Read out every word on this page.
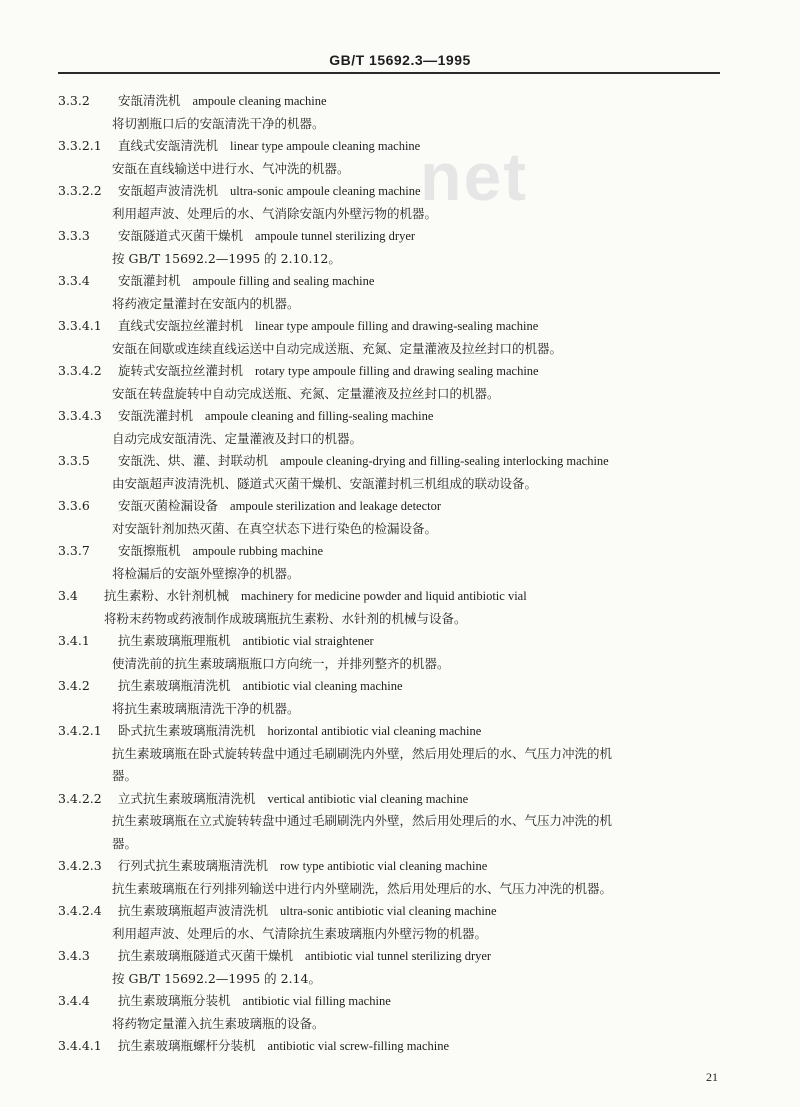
GB/T 15692.3—1995
net
3.3.2 安瓿清洗机 ampoule cleaning machine
将切割瓶口后的安瓿清洗干净的机器。
3.3.2.1 直线式安瓿清洗机 linear type ampoule cleaning machine
安瓿在直线输送中进行水、气冲洗的机器。
3.3.2.2 安瓿超声波清洗机 ultra-sonic ampoule cleaning machine
利用超声波、处理后的水、气消除安瓿内外壁污物的机器。
3.3.3 安瓿隧道式灭菌干燥机 ampoule tunnel sterilizing dryer
按 GB/T 15692.2—1995 的 2.10.12。
3.3.4 安瓿灌封机 ampoule filling and sealing machine
将药液定量灌封在安瓿内的机器。
3.3.4.1 直线式安瓿拉丝灌封机 linear type ampoule filling and drawing-sealing machine
安瓿在间歇或连续直线运送中自动完成送瓶、充氮、定量灌液及拉丝封口的机器。
3.3.4.2 旋转式安瓿拉丝灌封机 rotary type ampoule filling and drawing sealing machine
安瓿在转盘旋转中自动完成送瓶、充氮、定量灌液及拉丝封口的机器。
3.3.4.3 安瓿洗灌封机 ampoule cleaning and filling-sealing machine
自动完成安瓿清洗、定量灌液及封口的机器。
3.3.5 安瓿洗、烘、灌、封联动机 ampoule cleaning-drying and filling-sealing interlocking machine
由安瓿超声波清洗机、隧道式灭菌干燥机、安瓿灌封机三机组成的联动设备。
3.3.6 安瓿灭菌检漏设备 ampoule sterilization and leakage detector
对安瓿针剂加热灭菌、在真空状态下进行染色的检漏设备。
3.3.7 安瓿擦瓶机 ampoule rubbing machine
将检漏后的安瓿外壁擦净的机器。
3.4 抗生素粉、水针剂机械 machinery for medicine powder and liquid antibiotic vial
将粉末药物或药液制作成玻璃瓶抗生素粉、水针剂的机械与设备。
3.4.1 抗生素玻璃瓶理瓶机 antibiotic vial straightener
使清洗前的抗生素玻璃瓶瓶口方向统一，并排列整齐的机器。
3.4.2 抗生素玻璃瓶清洗机 antibiotic vial cleaning machine
将抗生素玻璃瓶清洗干净的机器。
3.4.2.1 卧式抗生素玻璃瓶清洗机 horizontal antibiotic vial cleaning machine
抗生素玻璃瓶在卧式旋转转盘中通过毛刷刷洗内外壁，然后用处理后的水、气压力冲洗的机
器。
3.4.2.2 立式抗生素玻璃瓶清洗机 vertical antibiotic vial cleaning machine
抗生素玻璃瓶在立式旋转转盘中通过毛刷刷洗内外壁，然后用处理后的水、气压力冲洗的机
器。
3.4.2.3 行列式抗生素玻璃瓶清洗机 row type antibiotic vial cleaning machine
抗生素玻璃瓶在行列排列输送中进行内外壁刷洗，然后用处理后的水、气压力冲洗的机器。
3.4.2.4 抗生素玻璃瓶超声波清洗机 ultra-sonic antibiotic vial cleaning machine
利用超声波、处理后的水、气清除抗生素玻璃瓶内外壁污物的机器。
3.4.3 抗生素玻璃瓶隧道式灭菌干燥机 antibiotic vial tunnel sterilizing dryer
按 GB/T 15692.2—1995 的 2.14。
3.4.4 抗生素玻璃瓶分装机 antibiotic vial filling machine
将药物定量灌入抗生素玻璃瓶的设备。
3.4.4.1 抗生素玻璃瓶螺杆分装机 antibiotic vial screw-filling machine
21
